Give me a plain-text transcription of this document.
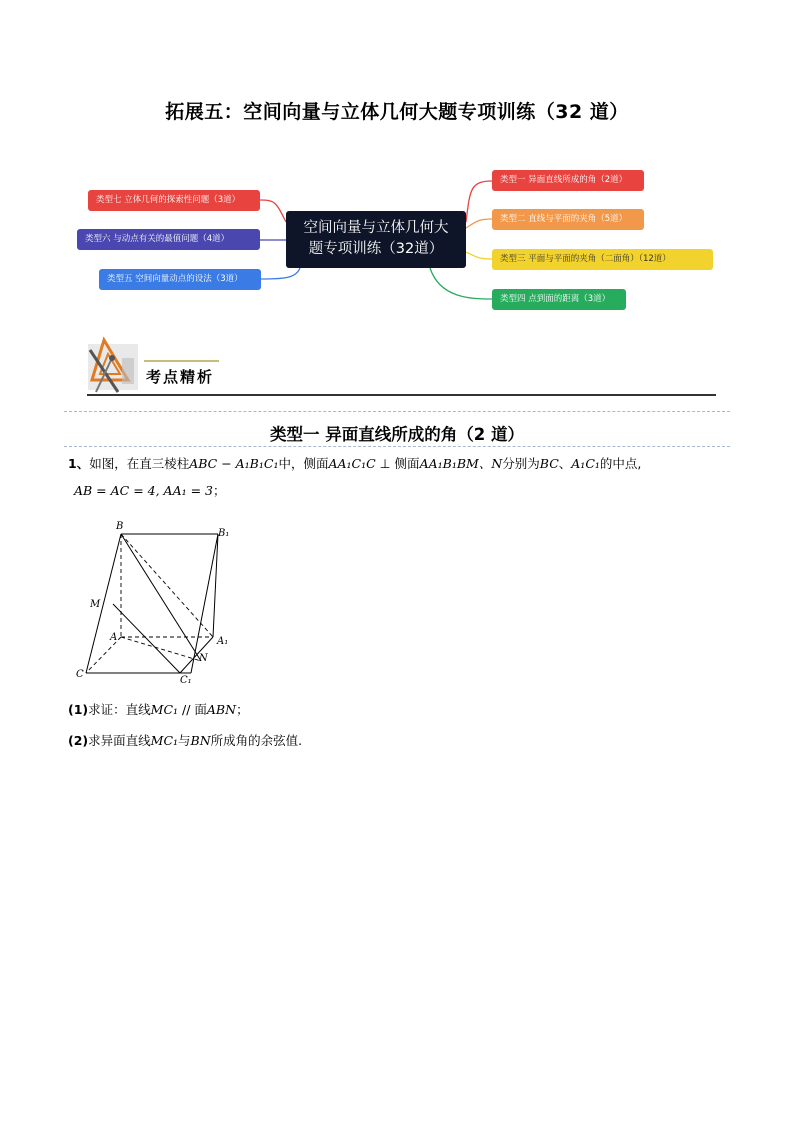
拓展五：空间向量与立体几何大题专项训练（32 道）
空间向量与立体几何大
题专项训练（32道）
类型一 异面直线所成的角（2道）
类型二 直线与平面的夹角（5道）
类型三 平面与平面的夹角（二面角）（12道）
类型四 点到面的距离（3道）
类型七 立体几何的探索性问题（3道）
类型六 与动点有关的最值问题（4道）
类型五 空间向量动点的设法（3道）
考点精析
类型一 异面直线所成的角（2 道）
1、如图，在直三棱柱ABC − A₁B₁C₁中，侧面AA₁C₁C ⊥ 侧面AA₁B₁BM、N分别为BC、A₁C₁的中点,
AB = AC = 4, AA₁ = 3；
B
B₁
M
A	A₁
N
C
C₁
(1)求证：直线MC₁ // 面ABN；
(2)求异面直线MC₁与BN所成角的余弦值.
